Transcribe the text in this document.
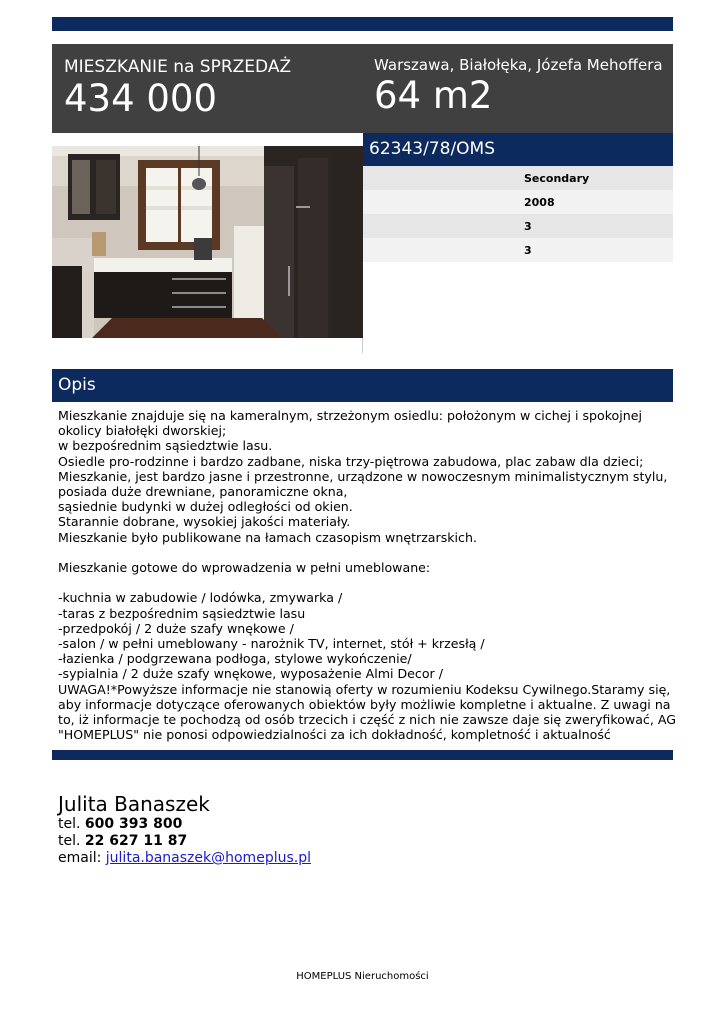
MIESZKANIE na SPRZEDAŻ
434 000
Warszawa, Białołęka, Józefa Mehoffera
64 m2
62343/78/OMS
Secondary
2008
3
3
Opis

Mieszkanie znajduje się na kameralnym, strzeżonym osiedlu: położonym w cichej i spokojnej

okolicy białołęki dworskiej;

w bezpośrednim sąsiedztwie lasu.

Osiedle pro-rodzinne i bardzo zadbane, niska trzy-piętrowa zabudowa, plac zabaw dla dzieci;

Mieszkanie, jest bardzo jasne i przestronne, urządzone w nowoczesnym minimalistycznym stylu,

posiada duże drewniane, panoramiczne okna,

sąsiednie budynki w dużej odległości od okien.

Starannie dobrane, wysokiej jakości materiały.

Mieszkanie było publikowane na łamach czasopism wnętrzarskich.

Mieszkanie gotowe do wprowadzenia w pełni umeblowane:

-kuchnia w zabudowie / lodówka, zmywarka /

-taras z bezpośrednim sąsiedztwie lasu

-przedpokój / 2 duże szafy wnękowe /

-salon / w pełni umeblowany - narożnik TV, internet, stół + krzesłą /

-łazienka / podgrzewana podłoga, stylowe wykończenie/

-sypialnia / 2 duże szafy wnękowe, wyposażenie Almi Decor /

UWAGA!*Powyższe informacje nie stanowią oferty w rozumieniu Kodeksu Cywilnego.Staramy się,

aby informacje dotyczące oferowanych obiektów były możliwie kompletne i aktualne. Z uwagi na

to, iż informacje te pochodzą od osób trzecich i część z nich nie zawsze daje się zweryfikować, AG

"HOMEPLUS" nie ponosi odpowiedzialności za ich dokładność, kompletność i aktualność

Julita Banaszek
tel. 600 393 800
tel. 22 627 11 87
email: julita.banaszek@homeplus.pl
HOMEPLUS Nieruchomości
